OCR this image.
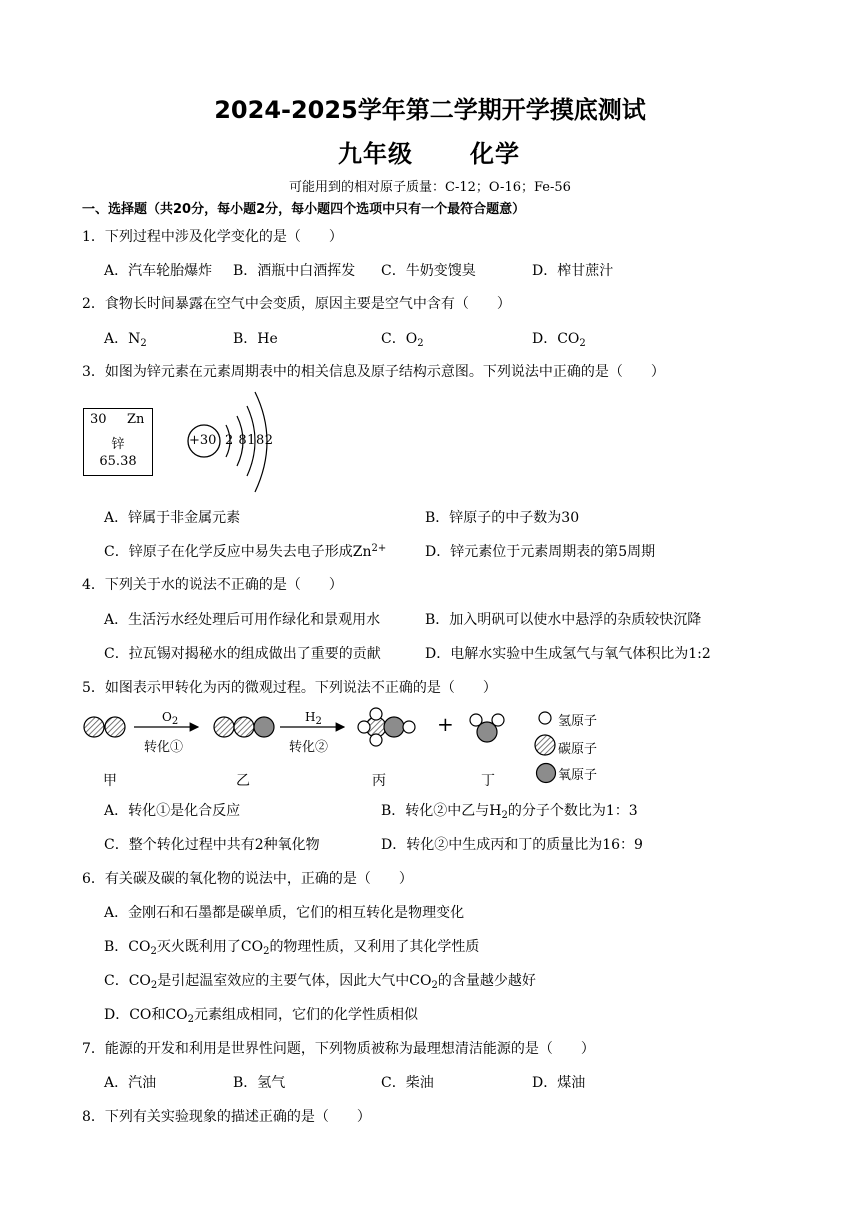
2024-2025学年第二学期开学摸底测试
九年级 化学
可能用到的相对原子质量：C-12；O-16；Fe-56
一、选择题（共20分，每小题2分，每小题四个选项中只有一个最符合题意）
1．下列过程中涉及化学变化的是（　　）
A．汽车轮胎爆炸 B．酒瓶中白酒挥发 C．牛奶变馊臭	D．榨甘蔗汁
2．食物长时间暴露在空气中会变质，原因主要是空气中含有（　　）
A．$N_2$	B．He	C．$O_2$	D．$CO_2$
3．如图为锌元素在元素周期表中的相关信息及原子结构示意图。下列说法中正确的是（　　）
30 Zn
锌
65.38
+30 2 8182
A．锌属于非金属元素	B．锌原子的中子数为30
C．锌原子在化学反应中易失去电子形成$Zn^{2+}$	D．锌元素位于元素周期表的第5周期
4．下列关于水的说法不正确的是（　　）
A．生活污水经处理后可用作绿化和景观用水	B．加入明矾可以使水中悬浮的杂质较快沉降
C．拉瓦锡对揭秘水的组成做出了重要的贡献	D．电解水实验中生成氢气与氧气体积比为1:2
5．如图表示甲转化为丙的微观过程。下列说法不正确的是（　　）
$O_2$
转化①
$H_2$
转化②
+	氢原子
碳原子
氧原子
甲	乙	丙	丁
A．转化①是化合反应	B．转化②中乙与$H_2$的分子个数比为1：3
C．整个转化过程中共有2种氧化物	D．转化②中生成丙和丁的质量比为16：9
6．有关碳及碳的氧化物的说法中，正确的是（　　）
A．金刚石和石墨都是碳单质，它们的相互转化是物理变化
B．$CO_2$灭火既利用了$CO_2$的物理性质，又利用了其化学性质
C．$CO_2$是引起温室效应的主要气体，因此大气中$CO_2$的含量越少越好
D．CO和$CO_2$元素组成相同，它们的化学性质相似
7．能源的开发和利用是世界性问题，下列物质被称为最理想清洁能源的是（　　）
A．汽油	B．氢气	C．柴油	D．煤油
8．下列有关实验现象的描述正确的是（　　）
